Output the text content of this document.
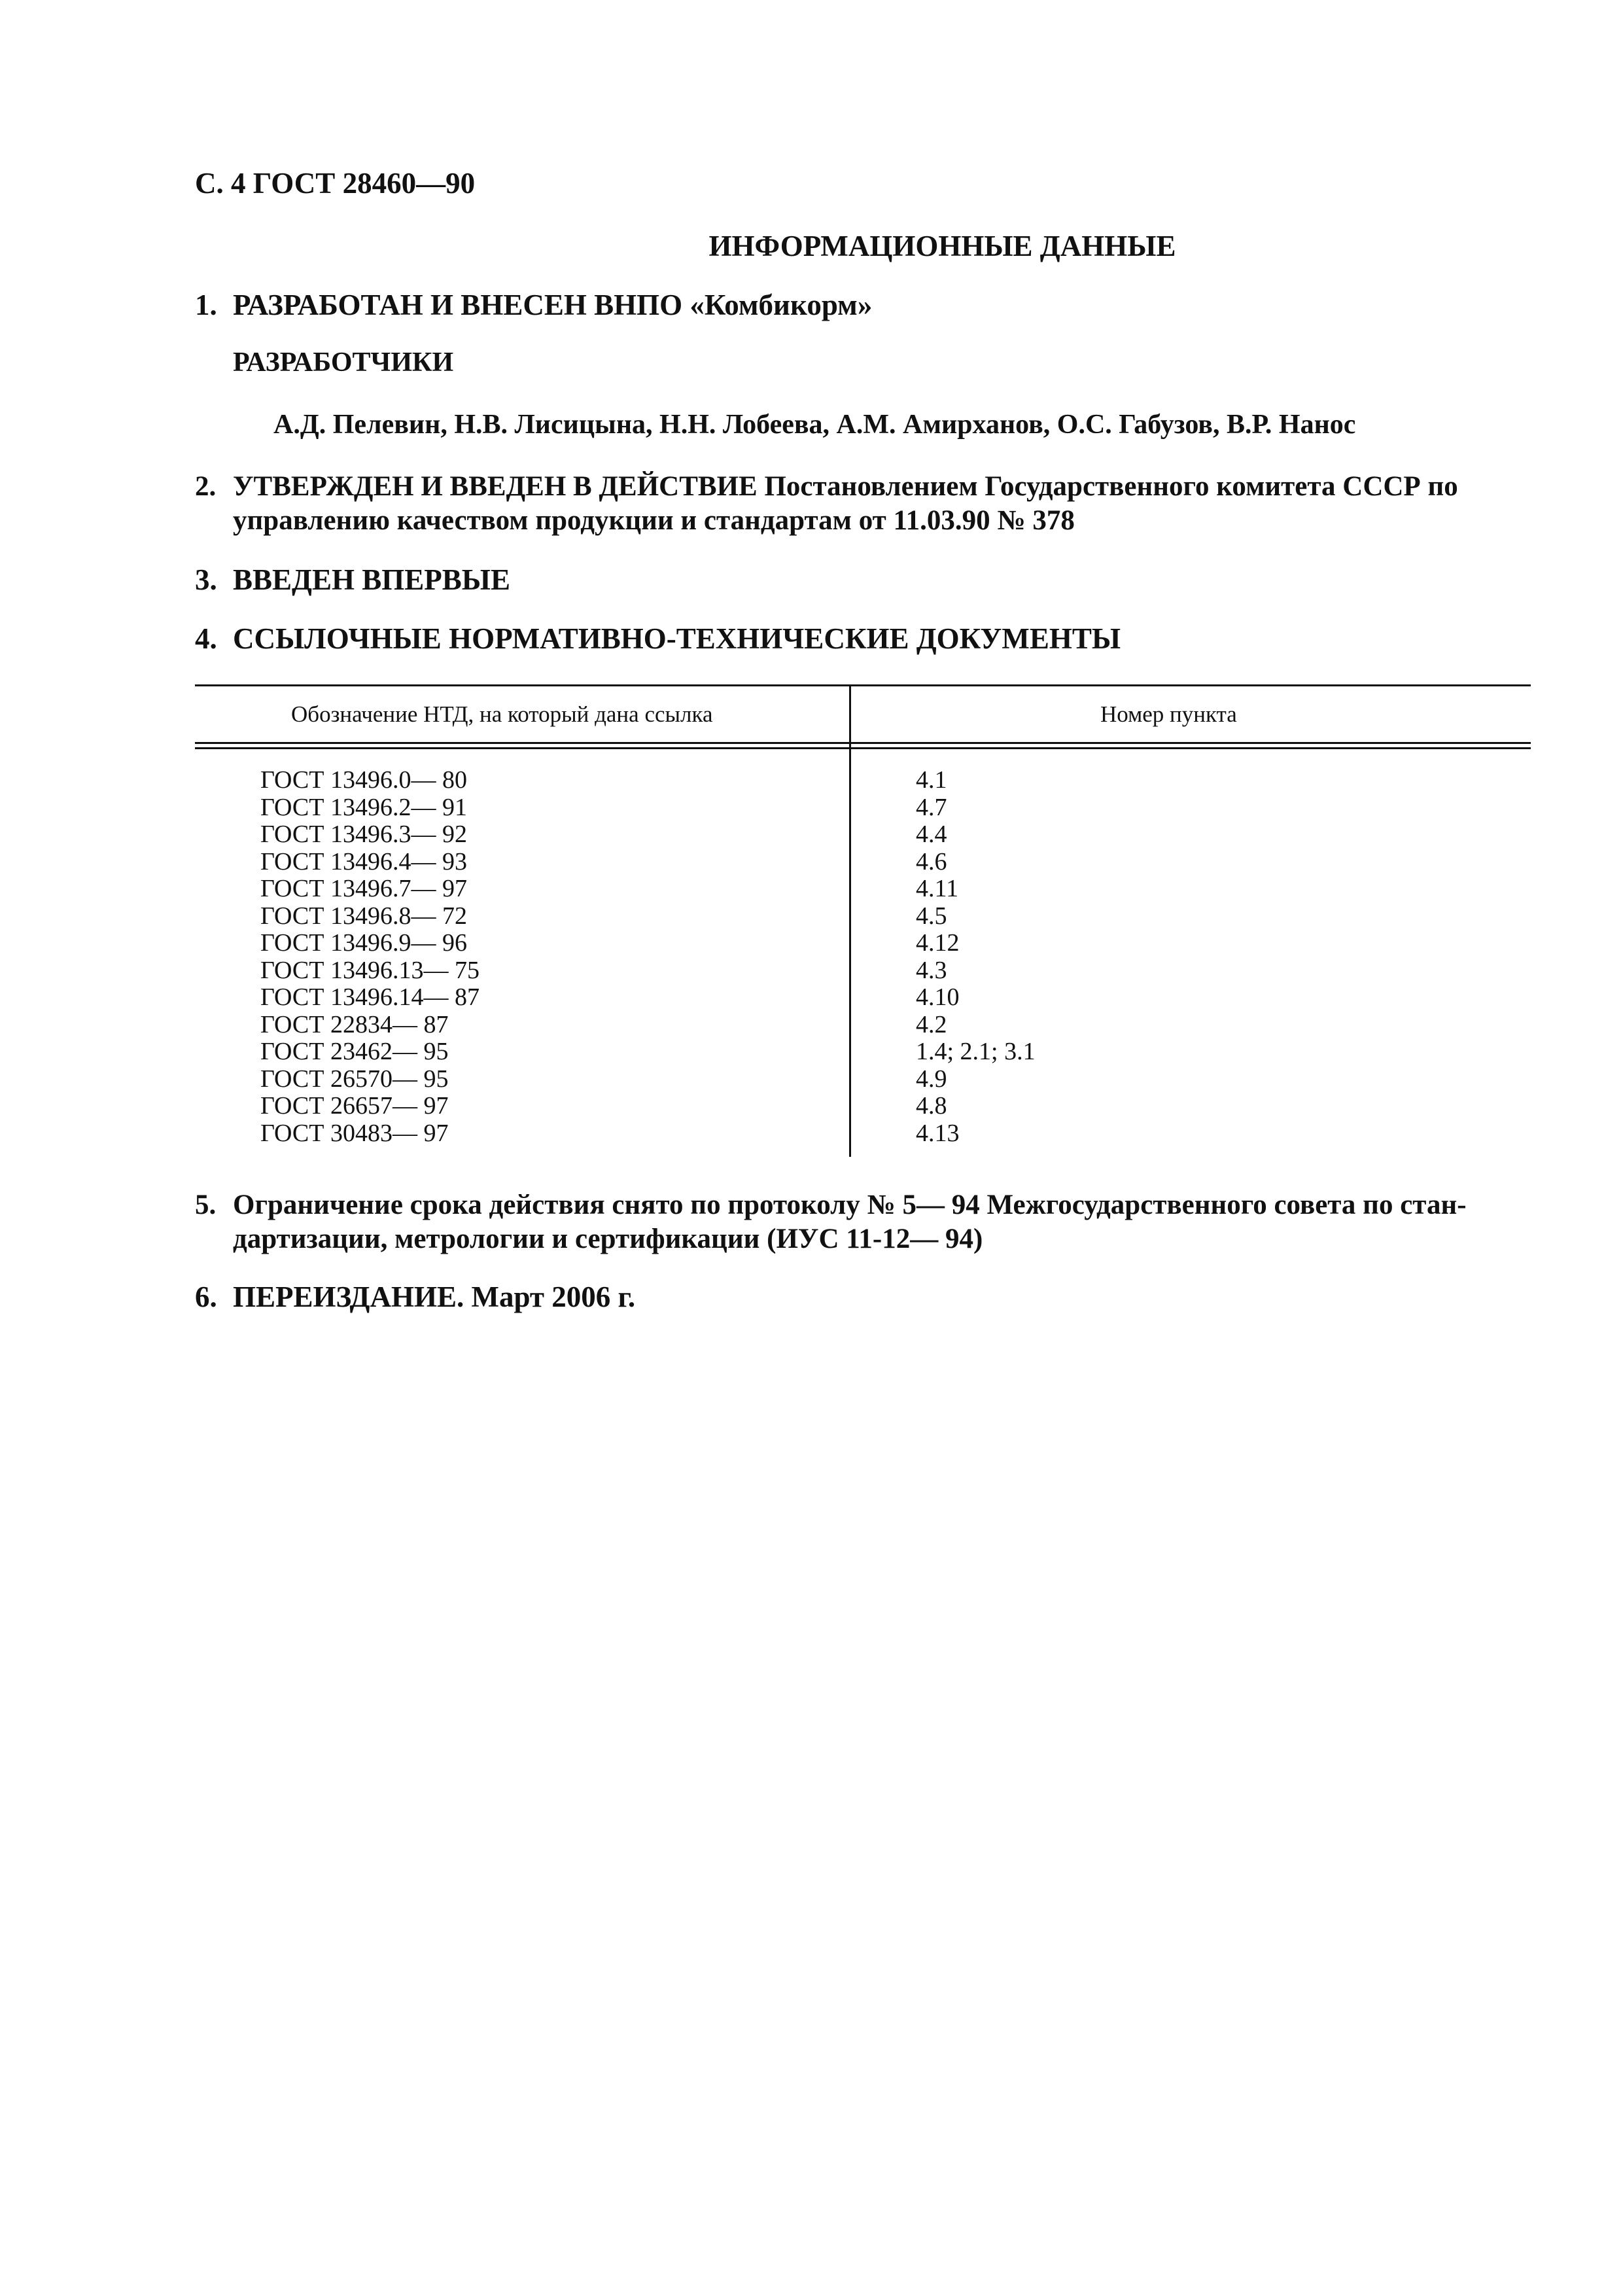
С. 4 ГОСТ 28460—90
ИНФОРМАЦИОННЫЕ ДАННЫЕ
1. РАЗРАБОТАН И ВНЕСЕН ВНПО «Комбикорм»
РАЗРАБОТЧИКИ
А.Д. Пелевин, Н.В. Лисицына, Н.Н. Лобеева, А.М. Амирханов, О.С. Габузов, В.Р. Нанос
2. УТВЕРЖДЕН И ВВЕДЕН В ДЕЙСТВИЕ Постановлением Государственного комитета СССР по
управлению качеством продукции и стандартам от 11.03.90 № 378
3. ВВЕДЕН ВПЕРВЫЕ
4. ССЫЛОЧНЫЕ НОРМАТИВНО-ТЕХНИЧЕСКИЕ ДОКУМЕНТЫ
Обозначение НТД, на который дана ссылка	Номер пункта
ГОСТ 13496.0— 80
ГОСТ 13496.2— 91
ГОСТ 13496.3— 92
ГОСТ 13496.4— 93
ГОСТ 13496.7— 97
ГОСТ 13496.8— 72
ГОСТ 13496.9— 96
ГОСТ 13496.13— 75
ГОСТ 13496.14— 87
ГОСТ 22834— 87
ГОСТ 23462— 95
ГОСТ 26570— 95
ГОСТ 26657— 97
ГОСТ 30483— 97
4.1
4.7
4.4
4.6
4.11
4.5
4.12
4.3
4.10
4.2
1.4; 2.1; 3.1
4.9
4.8
4.13
5. Ограничение срока действия снято по протоколу № 5— 94 Межгосударственного совета по стан-
дартизации, метрологии и сертификации (ИУС 11-12— 94)
6. ПЕРЕИЗДАНИЕ. Март 2006 г.
